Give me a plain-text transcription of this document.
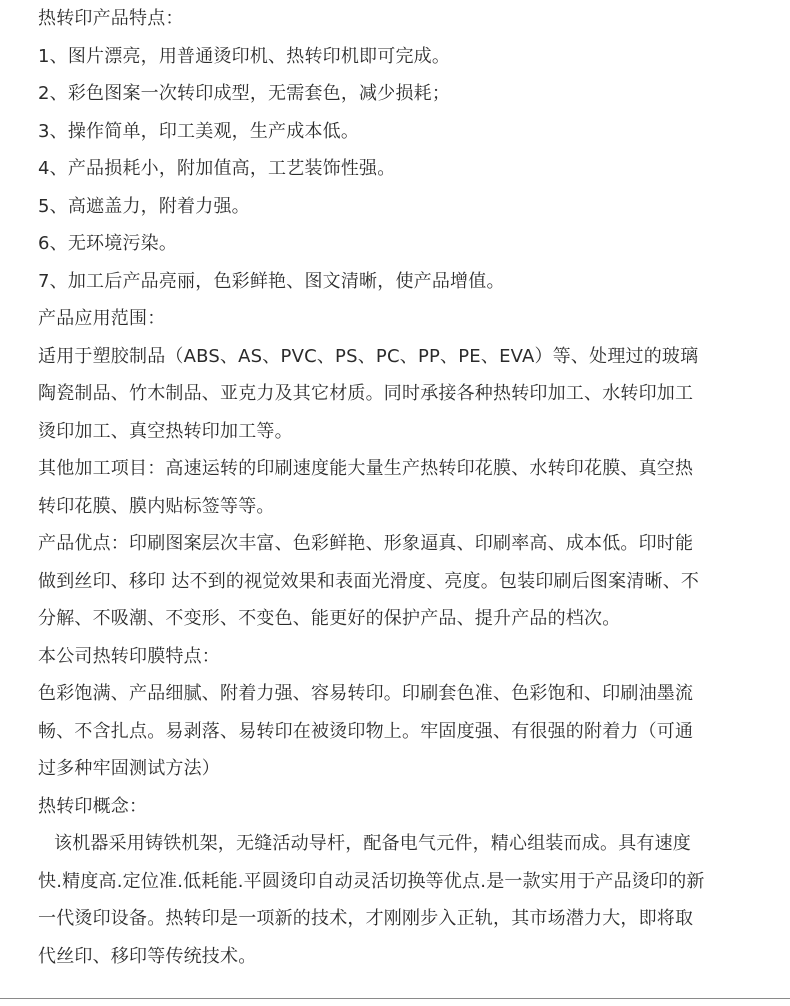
热转印产品特点：
1、图片漂亮，用普通烫印机、热转印机即可完成。
2、彩色图案一次转印成型，无需套色，减少损耗；
3、操作简单，印工美观，生产成本低。
4、产品损耗小，附加值高，工艺装饰性强。
5、高遮盖力，附着力强。
6、无环境污染。
7、加工后产品亮丽，色彩鲜艳、图文清晰，使产品增值。
产品应用范围：
适用于塑胶制品（ABS、AS、PVC、PS、PC、PP、PE、EVA）等、处理过的玻璃
陶瓷制品、竹木制品、亚克力及其它材质。同时承接各种热转印加工、水转印加工
烫印加工、真空热转印加工等。
其他加工项目：高速运转的印刷速度能大量生产热转印花膜、水转印花膜、真空热
转印花膜、膜内贴标签等等。
产品优点：印刷图案层次丰富、色彩鲜艳、形象逼真、印刷率高、成本低。印时能
做到丝印、移印 达不到的视觉效果和表面光滑度、亮度。包装印刷后图案清晰、不
分解、不吸潮、不变形、不变色、能更好的保护产品、提升产品的档次。
本公司热转印膜特点：
色彩饱满、产品细腻、附着力强、容易转印。印刷套色准、色彩饱和、印刷油墨流
畅、不含扎点。易剥落、易转印在被烫印物上。牢固度强、有很强的附着力（可通
过多种牢固测试方法）
热转印概念：
该机器采用铸铁机架，无缝活动导杆，配备电气元件，精心组装而成。具有速度
快.精度高.定位准.低耗能.平圆烫印自动灵活切换等优点.是一款实用于产品烫印的新
一代烫印设备。热转印是一项新的技术，才刚刚步入正轨，其市场潜力大，即将取
代丝印、移印等传统技术。
